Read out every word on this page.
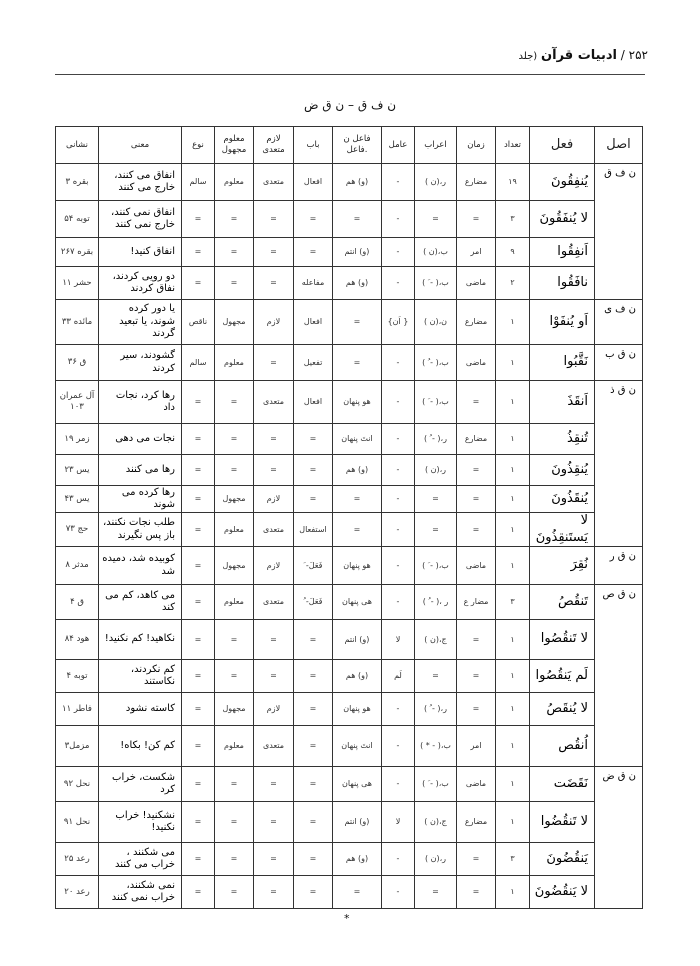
۲۵۲ / ادبیات قرآن (جلد
ن ف ق – ن ق ض
اصل	فعل	تعداد	زمان	اعراب	عامل	فاعل ن .فاعل	باب	لازم متعدی	معلوم مجهول	نوع	معنی	نشانی
ن ف ق	یُنفِقُونَ	۱۹	مضارع	ر،(ن )	-	(و) هم	افعال	متعدی	معلوم	سالم	انفاق می کنند، خارج می کنند	بقره ۳
	لا یُنفَقُونَ	۳	=	=	-	=	=	=	=	=	انفاق نمی کنند، خارج نمی کنند	توبه ۵۴
	اَنفِقُوا	۹	امر	ب،(ن )	-	(و) انتم	=	=	=	=	انفاق کنید!	بقره ۲۶۷
	نافَقُوا	۲	ماضی	ب،( - َ )	-	(و) هم	مفاعله	=	=	=	دو رویی کردند، نفاق کردند	حشر ۱۱
ن ف ی	اَو یُنفَوْا	۱	مضارع	ن،(ن )	{ اَن}	=	افعال	لازم	مجهول	ناقص	یا دور کرده شوند، یا تبعید گردند	مائده ۳۳
ن ق ب	نَقَّبُوا	۱	ماضی	ب،( - ُ )	-	=	تفعیل	=	معلوم	سالم	گشودند، سیر کردند	ق ۳۶
ن ق ذ	اَنقَذَ	۱	=	ب،( - َ )	-	هو پنهان	افعال	متعدی	=	=	رها کرد، نجات داد	آل عمران ۱۰۳
	تُنقِذُ	۱	مضارع	ر،( - ُ )	-	انتَ پنهان	=	=	=	=	نجات می دهی	زمر ۱۹
	یُنقِذُونَ	۱	=	ر،(ن )	-	(و) هم	=	=	=	=	رها می کنند	یس ۲۳
	یُنقَذُونَ	۱	=	=	-	=	=	لازم	مجهول	=	رها کرده می شوند	یس ۴۳
	لا یَستَنقِذُونَ	۱	=	=	-	=	استفعال	متعدی	معلوم	=	طلب نجات نکنند، باز پس نگیرند	حج ۷۳
ن ق ر	نُقِرَ	۱	ماضی	ب،( - َ )	-	هو پنهان	فَعَلَ- َ	لازم	مجهول	=	کوبیده شد، دمیده شد	مدثر ۸
ن ق ص	تَنقُصُ	۳	مضار ع	ر ،( - ُ )	-	هی پنهان	فَعَلَ- ُ	متعدی	معلوم	=	می کاهد، کم می کند	ق ۴
	لا تَنقُصُوا	۱	=	ج،(ن )	لا	(و) انتم	=	=	=	=	نکاهید! کم نکنید!	هود ۸۴
	لَم یَنقُصُوا	۱	=	=	لَم	(و) هم	=	=	=	=	کم نکردند، نکاستند	توبه ۴
	لا یُنقَصُ	۱	=	ر،( - ُ )	-	هو پنهان	=	لازم	مجهول	=	کاسته نشود	فاطر ۱۱
	اُنقُص	۱	امر	ب،( - * )	-	انتَ پنهان	=	متعدی	معلوم	=	کم کن! بکاه!	مزمل۳
ن ق ض	نَقَضَت	۱	ماضی	ب،( - َ )	-	هی پنهان	=	=	=	=	شکست، خراب کرد	نحل ۹۲
	لا تَنقُضُوا	۱	مضارع	ج،(ن )	لا	(و) انتم	=	=	=	=	نشکنید! خراب نکنید!	نحل ۹۱
	یَنقُضُونَ	۳	=	ر،(ن )	-	(و) هم	=	=	=	=	می شکنند ، خراب می کنند	رعد ۲۵
	لا یَنقُضُونَ	۱	=	=	-	=	=	=	=	=	نمی شکنند، خراب نمی کنند	رعد ۲۰
*
